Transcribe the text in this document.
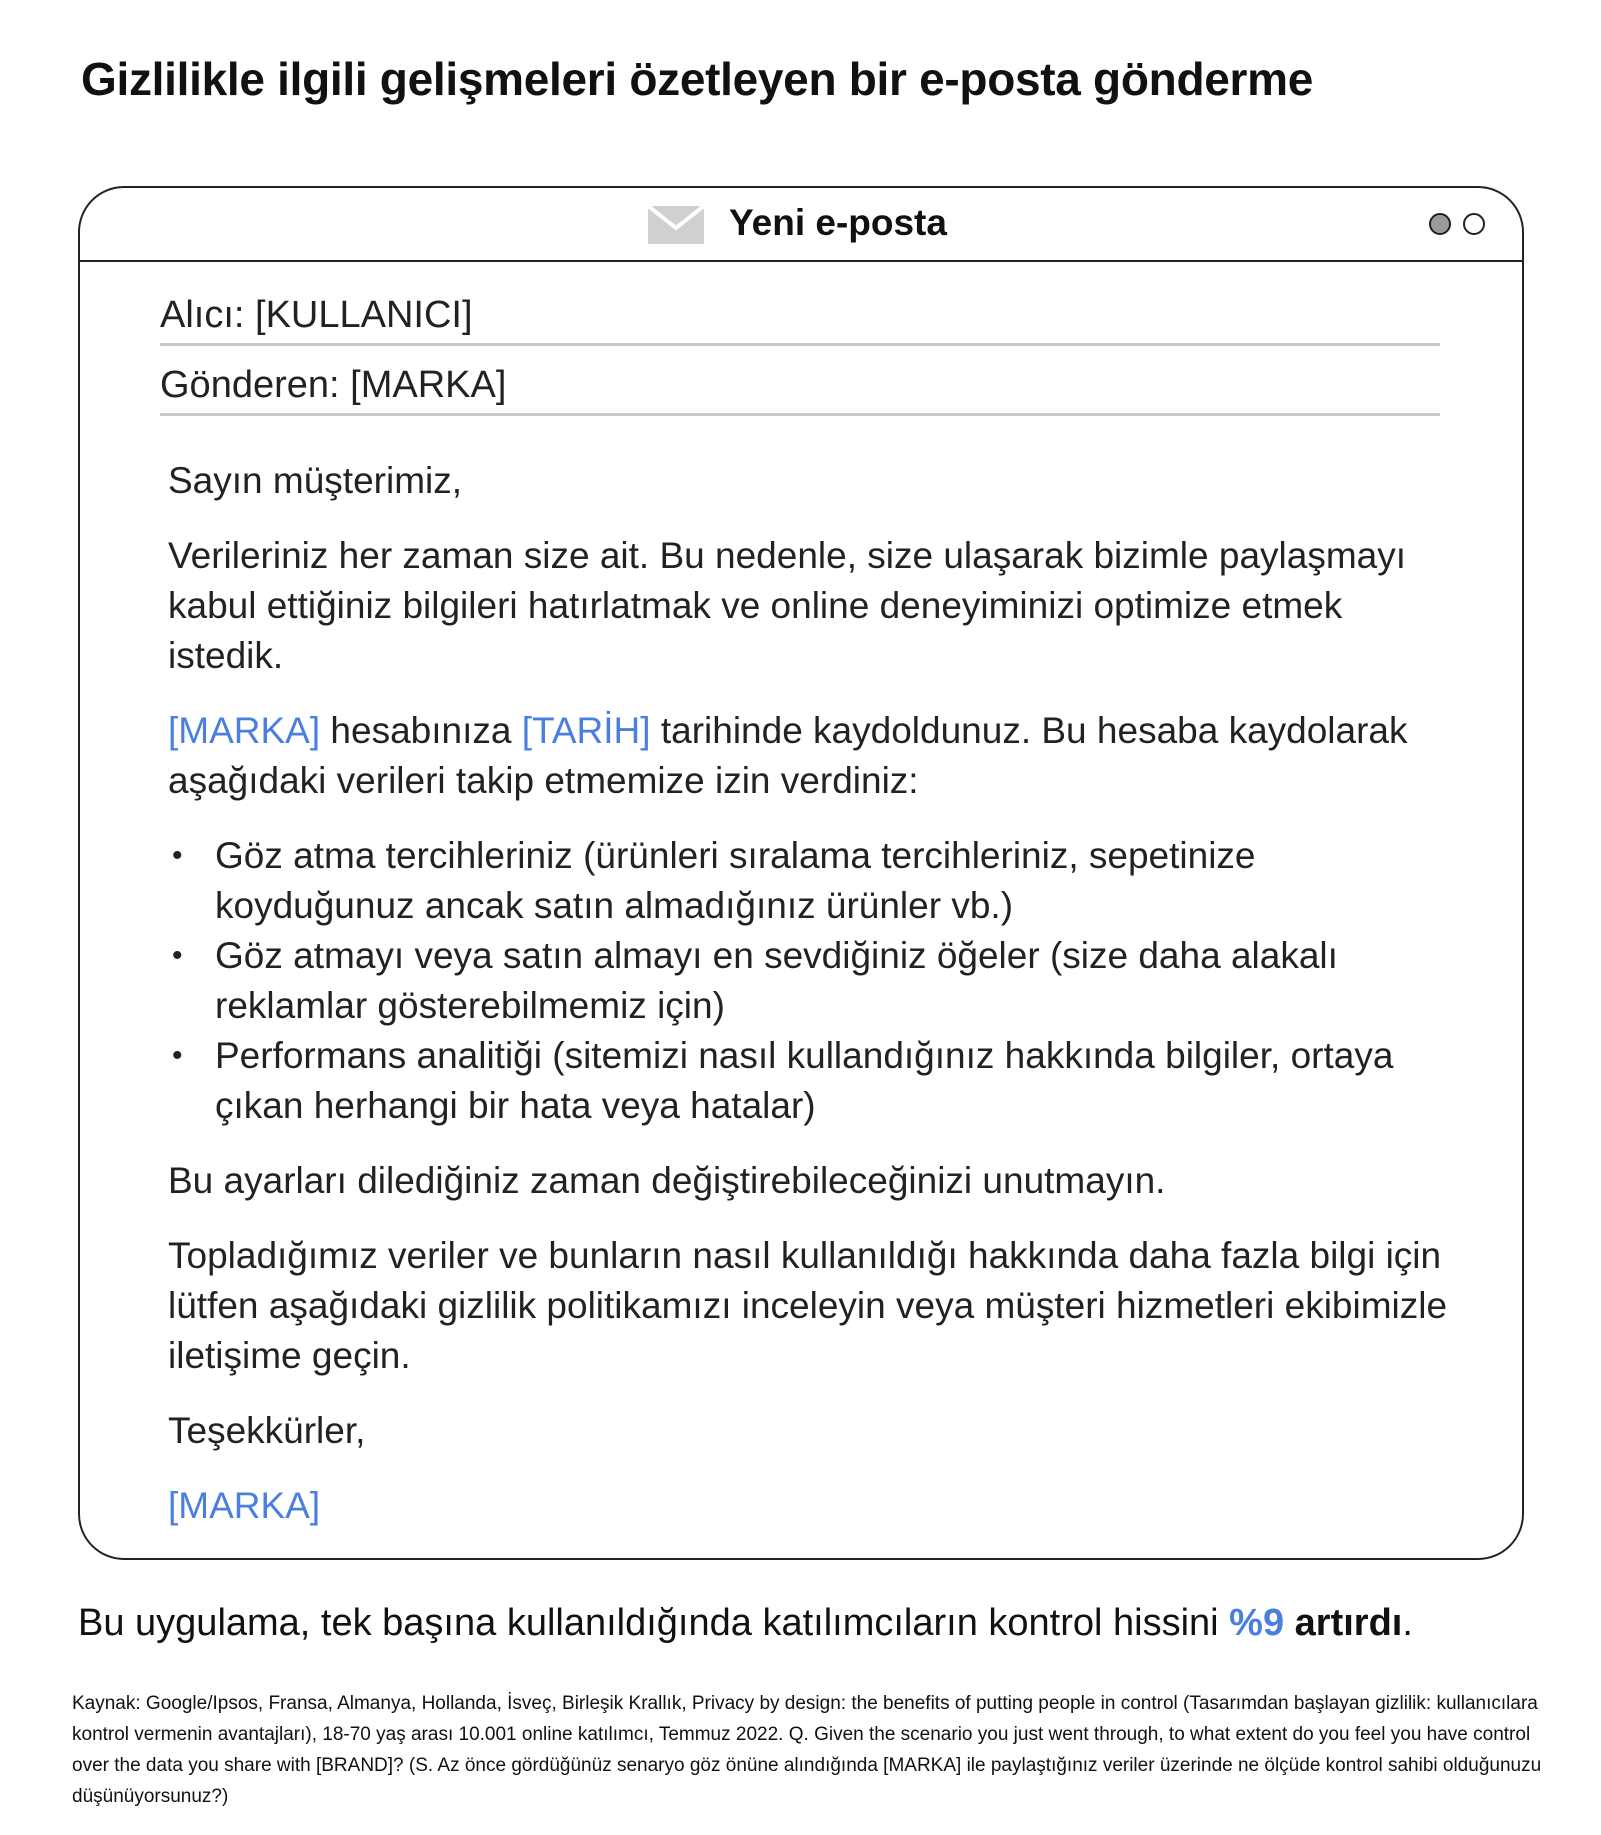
Gizlilikle ilgili gelişmeleri özetleyen bir e-posta gönderme
Yeni e-posta
Alıcı: [KULLANICI]
Gönderen: [MARKA]

Sayın müşterimiz,

Verileriniz her zaman size ait. Bu nedenle, size ulaşarak bizimle paylaşmayı kabul ettiğiniz bilgileri hatırlatmak ve online deneyiminizi optimize etmek istedik.

[MARKA] hesabınıza [TARİH] tarihinde kaydoldunuz. Bu hesaba kaydolarak aşağıdaki verileri takip etmemize izin verdiniz:

• Göz atma tercihleriniz (ürünleri sıralama tercihleriniz, sepetinize koyduğunuz ancak satın almadığınız ürünler vb.)
• Göz atmayı veya satın almayı en sevdiğiniz öğeler (size daha alakalı reklamlar gösterebilmemiz için)
• Performans analitiği (sitemizi nasıl kullandığınız hakkında bilgiler, ortaya çıkan herhangi bir hata veya hatalar)

Bu ayarları dilediğiniz zaman değiştirebileceğinizi unutmayın.

Topladığımız veriler ve bunların nasıl kullanıldığı hakkında daha fazla bilgi için lütfen aşağıdaki gizlilik politikamızı inceleyin veya müşteri hizmetleri ekibimizle iletişime geçin.

Teşekkürler,

[MARKA]

Bu uygulama, tek başına kullanıldığında katılımcıların kontrol hissini %9 artırdı.
Kaynak: Google/Ipsos, Fransa, Almanya, Hollanda, İsveç, Birleşik Krallık, Privacy by design: the benefits of putting people in control (Tasarımdan başlayan gizlilik: kullanıcılara kontrol vermenin avantajları), 18-70 yaş arası 10.001 online katılımcı, Temmuz 2022. Q. Given the scenario you just went through, to what extent do you feel you have control over the data you share with [BRAND]? (S. Az önce gördüğünüz senaryo göz önüne alındığında [MARKA] ile paylaştığınız veriler üzerinde ne ölçüde kontrol sahibi olduğunuzu düşünüyorsunuz?)
